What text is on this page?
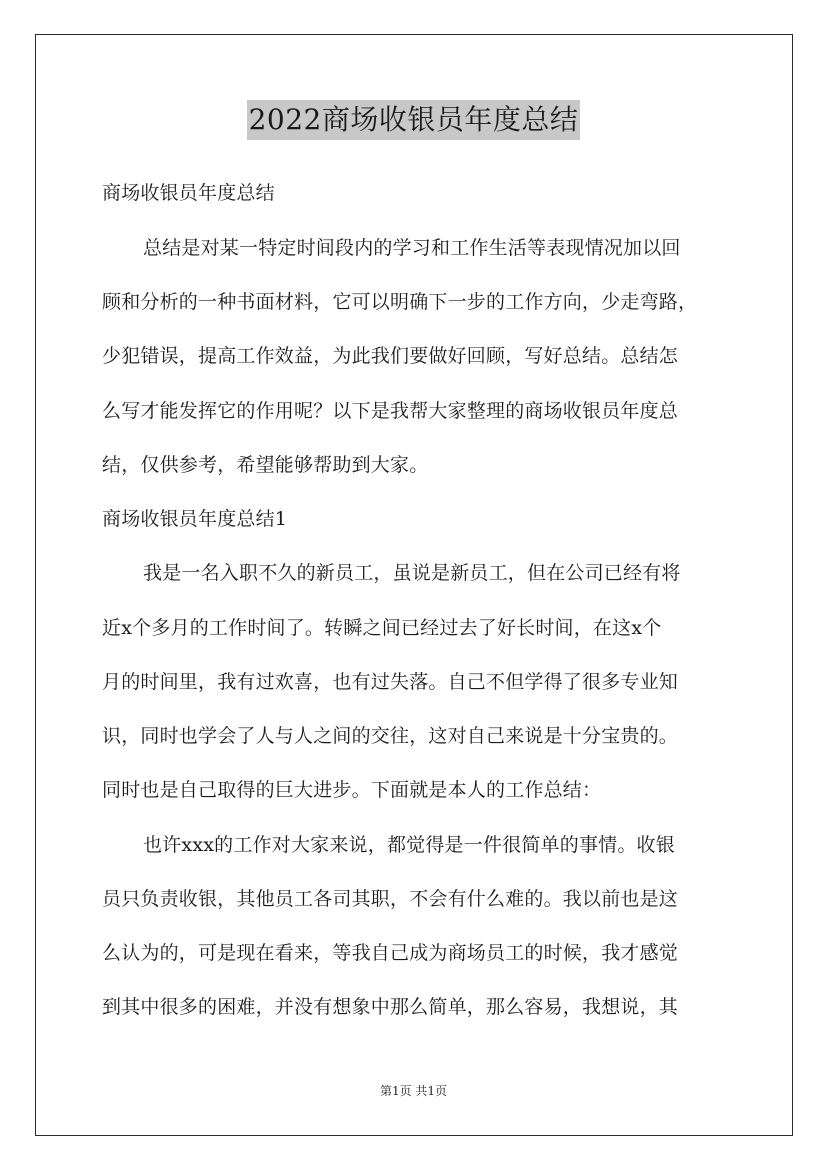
2022商场收银员年度总结
商场收银员年度总结
总结是对某一特定时间段内的学习和工作生活等表现情况加以回
顾和分析的一种书面材料，它可以明确下一步的工作方向，少走弯路，
少犯错误，提高工作效益，为此我们要做好回顾，写好总结。总结怎
么写才能发挥它的作用呢？以下是我帮大家整理的商场收银员年度总
结，仅供参考，希望能够帮助到大家。
商场收银员年度总结1
我是一名入职不久的新员工，虽说是新员工，但在公司已经有将
近x个多月的工作时间了。转瞬之间已经过去了好长时间，在这x个
月的时间里，我有过欢喜，也有过失落。自己不但学得了很多专业知
识，同时也学会了人与人之间的交往，这对自己来说是十分宝贵的。
同时也是自己取得的巨大进步。下面就是本人的工作总结：
也许xxx的工作对大家来说，都觉得是一件很简单的事情。收银
员只负责收银，其他员工各司其职，不会有什么难的。我以前也是这
么认为的，可是现在看来，等我自己成为商场员工的时候，我才感觉
到其中很多的困难，并没有想象中那么简单，那么容易，我想说，其
第1页 共1页
